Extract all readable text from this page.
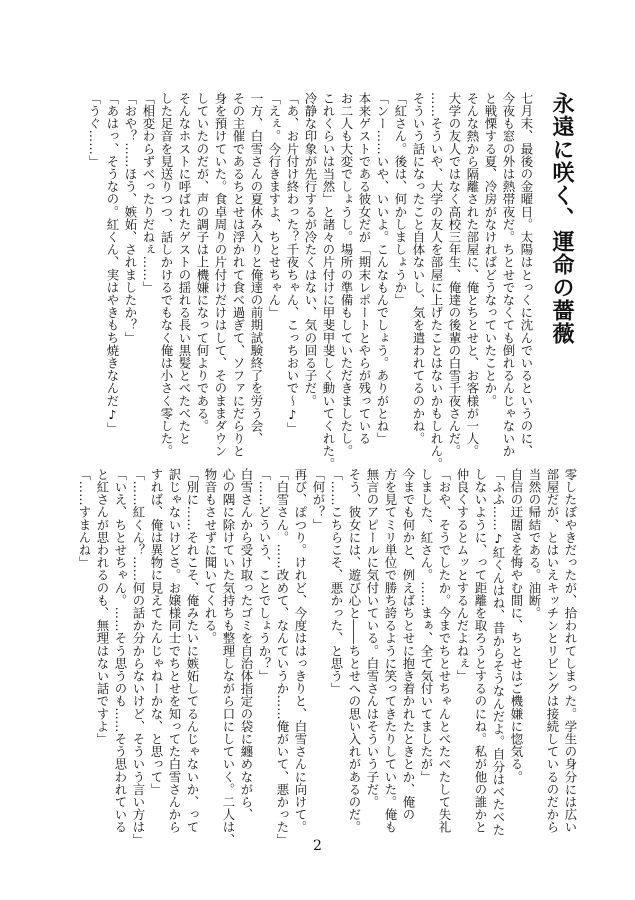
永遠に咲く、運命の薔薇
七月末、最後の金曜日。太陽はとっくに沈んでいるというのに、
今夜も窓の外は熱帯夜だ。ちとせでなくても倒れるんじゃないか
と戦慄する夏、冷房がなければどうなっていたことか。
そんな熱から隔離された部屋に、俺とちとせと、お客様が一人。
大学の友人ではなく高校三年生、俺達の後輩の白雪千夜さんだ。
……そういや、大学の友人を部屋に上げたことはないかもしれん。
そういう話になったこと自体ないし、気を遣われてるのかね。
「紅さん。後は、何かしましょうか」
「ンー……いや、いいよ。こんなもんでしょう。ありがとね」
本来ゲストである彼女だが「期末レポートとやらが残っている
お二人も大変でしょうし。場所の準備もしていただきましたし。
これくらいは当然」と諸々の片付けに甲斐甲斐しく動いてくれた。
冷静な印象が先行するが冷たくはない、気の回る子だ。
「あ、お片付け終わった？千夜ちゃん、こっちおいで～♪」
「えぇ。今行きますよ、ちとせちゃん」
一方、白雪さんの夏休み入りと俺達の前期試験終了を労う会、
その主催であるちとせは浮かれて食べ過ぎて、ソファにだらりと
身を預けていた。食卓周りの片付けだけはして、そのままダウン
していたのだが、声の調子は上機嫌になって何よりである。
そんなホストに呼ばれたゲストの揺れる長い黒髪とべたべたと
した足音を見送りつつ、話しかけるでもなく俺は小さく零した。
「相変わらずべったりだねぇ……」
「おや？……ほう、嫉妬、されましたか？」
「あはっ、そうなの。紅くん、実はやきもち焼きなんだ♪」
「うぐ……」
零したぼやきだったが、拾われてしまった。学生の身分には広い
部屋だが、とはいえキッチンとリビングは接続しているのだから
当然の帰結である。油断。
自信の迂闊さを悔やむ間に、ちとせはご機嫌に惚気る。
「ふふ……♪紅くんはね、昔からそうなんだよ。自分はべたべた
しないように、って距離を取ろうとするのにね。私が他の誰かと
仲良くするとムッとするんだよねぇ」
「おや、そうでしたか。今までちとせちゃんとべたべたして失礼
しました、紅さん。……まぁ、全て気付いてましたが」
今までも何かと、例えばちとせに抱き着かれたときとか、俺の
方を見てミリ単位で勝ち誇るように笑ってきたりしていた。俺も
無言のアピールに気付いている。白雪さんはそういう子だ。
そう、彼女には、遊び心と――ちとせへの思い入れがあるのだ。
「……こちらこそ、悪かった、と思う」
「何が？」
再び、ぽつり。けれど、今度ははっきりと、白雪さんに向けて。
「白雪さん。……改めて、なんていうか……俺がいて、悪かった」
「……どういう、ことでしょうか？」
白雪さんから受け取ったゴミを自治体指定の袋に纏めながら、
心の隅に除けていた気持ちも整理しながら口にしていく。二人は、
物音もさせずに聞いてくれる。
「別に……それこそ、俺みたいに嫉妬してるんじゃないか、って
訳じゃないけどさ。お嬢様同士でちとせを知ってた白雪さんから
すれば、俺は異物に見えてたんじゃねーかな、と思って」
「……紅くん？……何の話か分からないけど、そういう言い方は」
「いえ、ちとせちゃん。……そう思うのも……そう思われている
と紅さんが思われるのも、無理はない話ですよ」
「……すまんね」
2
